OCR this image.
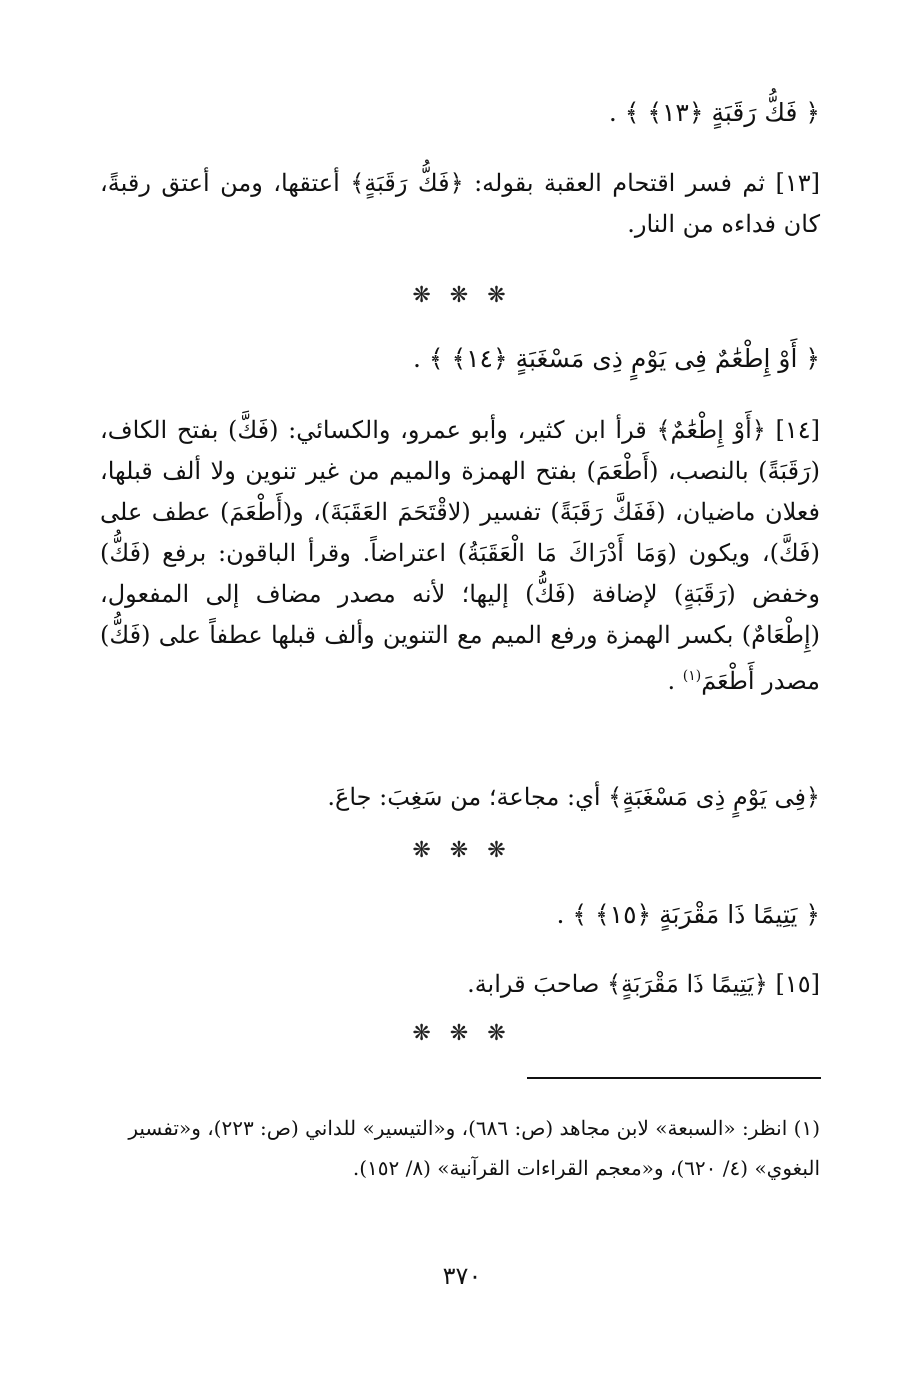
﴿ فَكُّ رَقَبَةٍ ﴿١٣﴾ ﴾ .

[١٣] ثم فسر اقتحام العقبة بقوله: ﴿فَكُّ رَقَبَةٍ﴾ أعتقها، ومن أعتق رقبةً، كان فداءه من النار.

❋ ❋ ❋

﴿ أَوْ إِطْعَٰمٌ فِى يَوْمٍ ذِى مَسْغَبَةٍ ﴿١٤﴾ ﴾ .

[١٤] ﴿أَوْ إِطْعَٰمٌ﴾ قرأ ابن كثير، وأبو عمرو، والكسائي: (فَكَّ) بفتح الكاف، (رَقَبَةً) بالنصب، (أَطْعَمَ) بفتح الهمزة والميم من غير تنوين ولا ألف قبلها، فعلان ماضيان، (فَفَكَّ رَقَبَةً) تفسير (لاقْتَحَمَ العَقَبَةَ)، و(أَطْعَمَ) عطف على (فَكَّ)، ويكون (وَمَا أَدْرَاكَ مَا الْعَقَبَةُ) اعتراضاً. وقرأ الباقون: برفع (فَكُّ) وخفض (رَقَبَةٍ) لإضافة (فَكُّ) إليها؛ لأنه مصدر مضاف إلى المفعول، (إِطْعَامٌ) بكسر الهمزة ورفع الميم مع التنوين وألف قبلها عطفاً على (فَكُّ) مصدر أَطْعَمَ$^{(١)}$ .

﴿فِى يَوْمٍ ذِى مَسْغَبَةٍ﴾ أي: مجاعة؛ من سَغِبَ: جاعَ.

❋ ❋ ❋

﴿ يَتِيمًا ذَا مَقْرَبَةٍ ﴿١٥﴾ ﴾ .

[١٥] ﴿يَتِيمًا ذَا مَقْرَبَةٍ﴾ صاحبَ قرابة.

❋ ❋ ❋

(١) انظر: «السبعة» لابن مجاهد (ص: ٦٨٦)، و«التيسير» للداني (ص: ٢٢٣)، و«تفسير البغوي» (٤/ ٦٢٠)، و«معجم القراءات القرآنية» (٨/ ١٥٢).

٣٧٠
